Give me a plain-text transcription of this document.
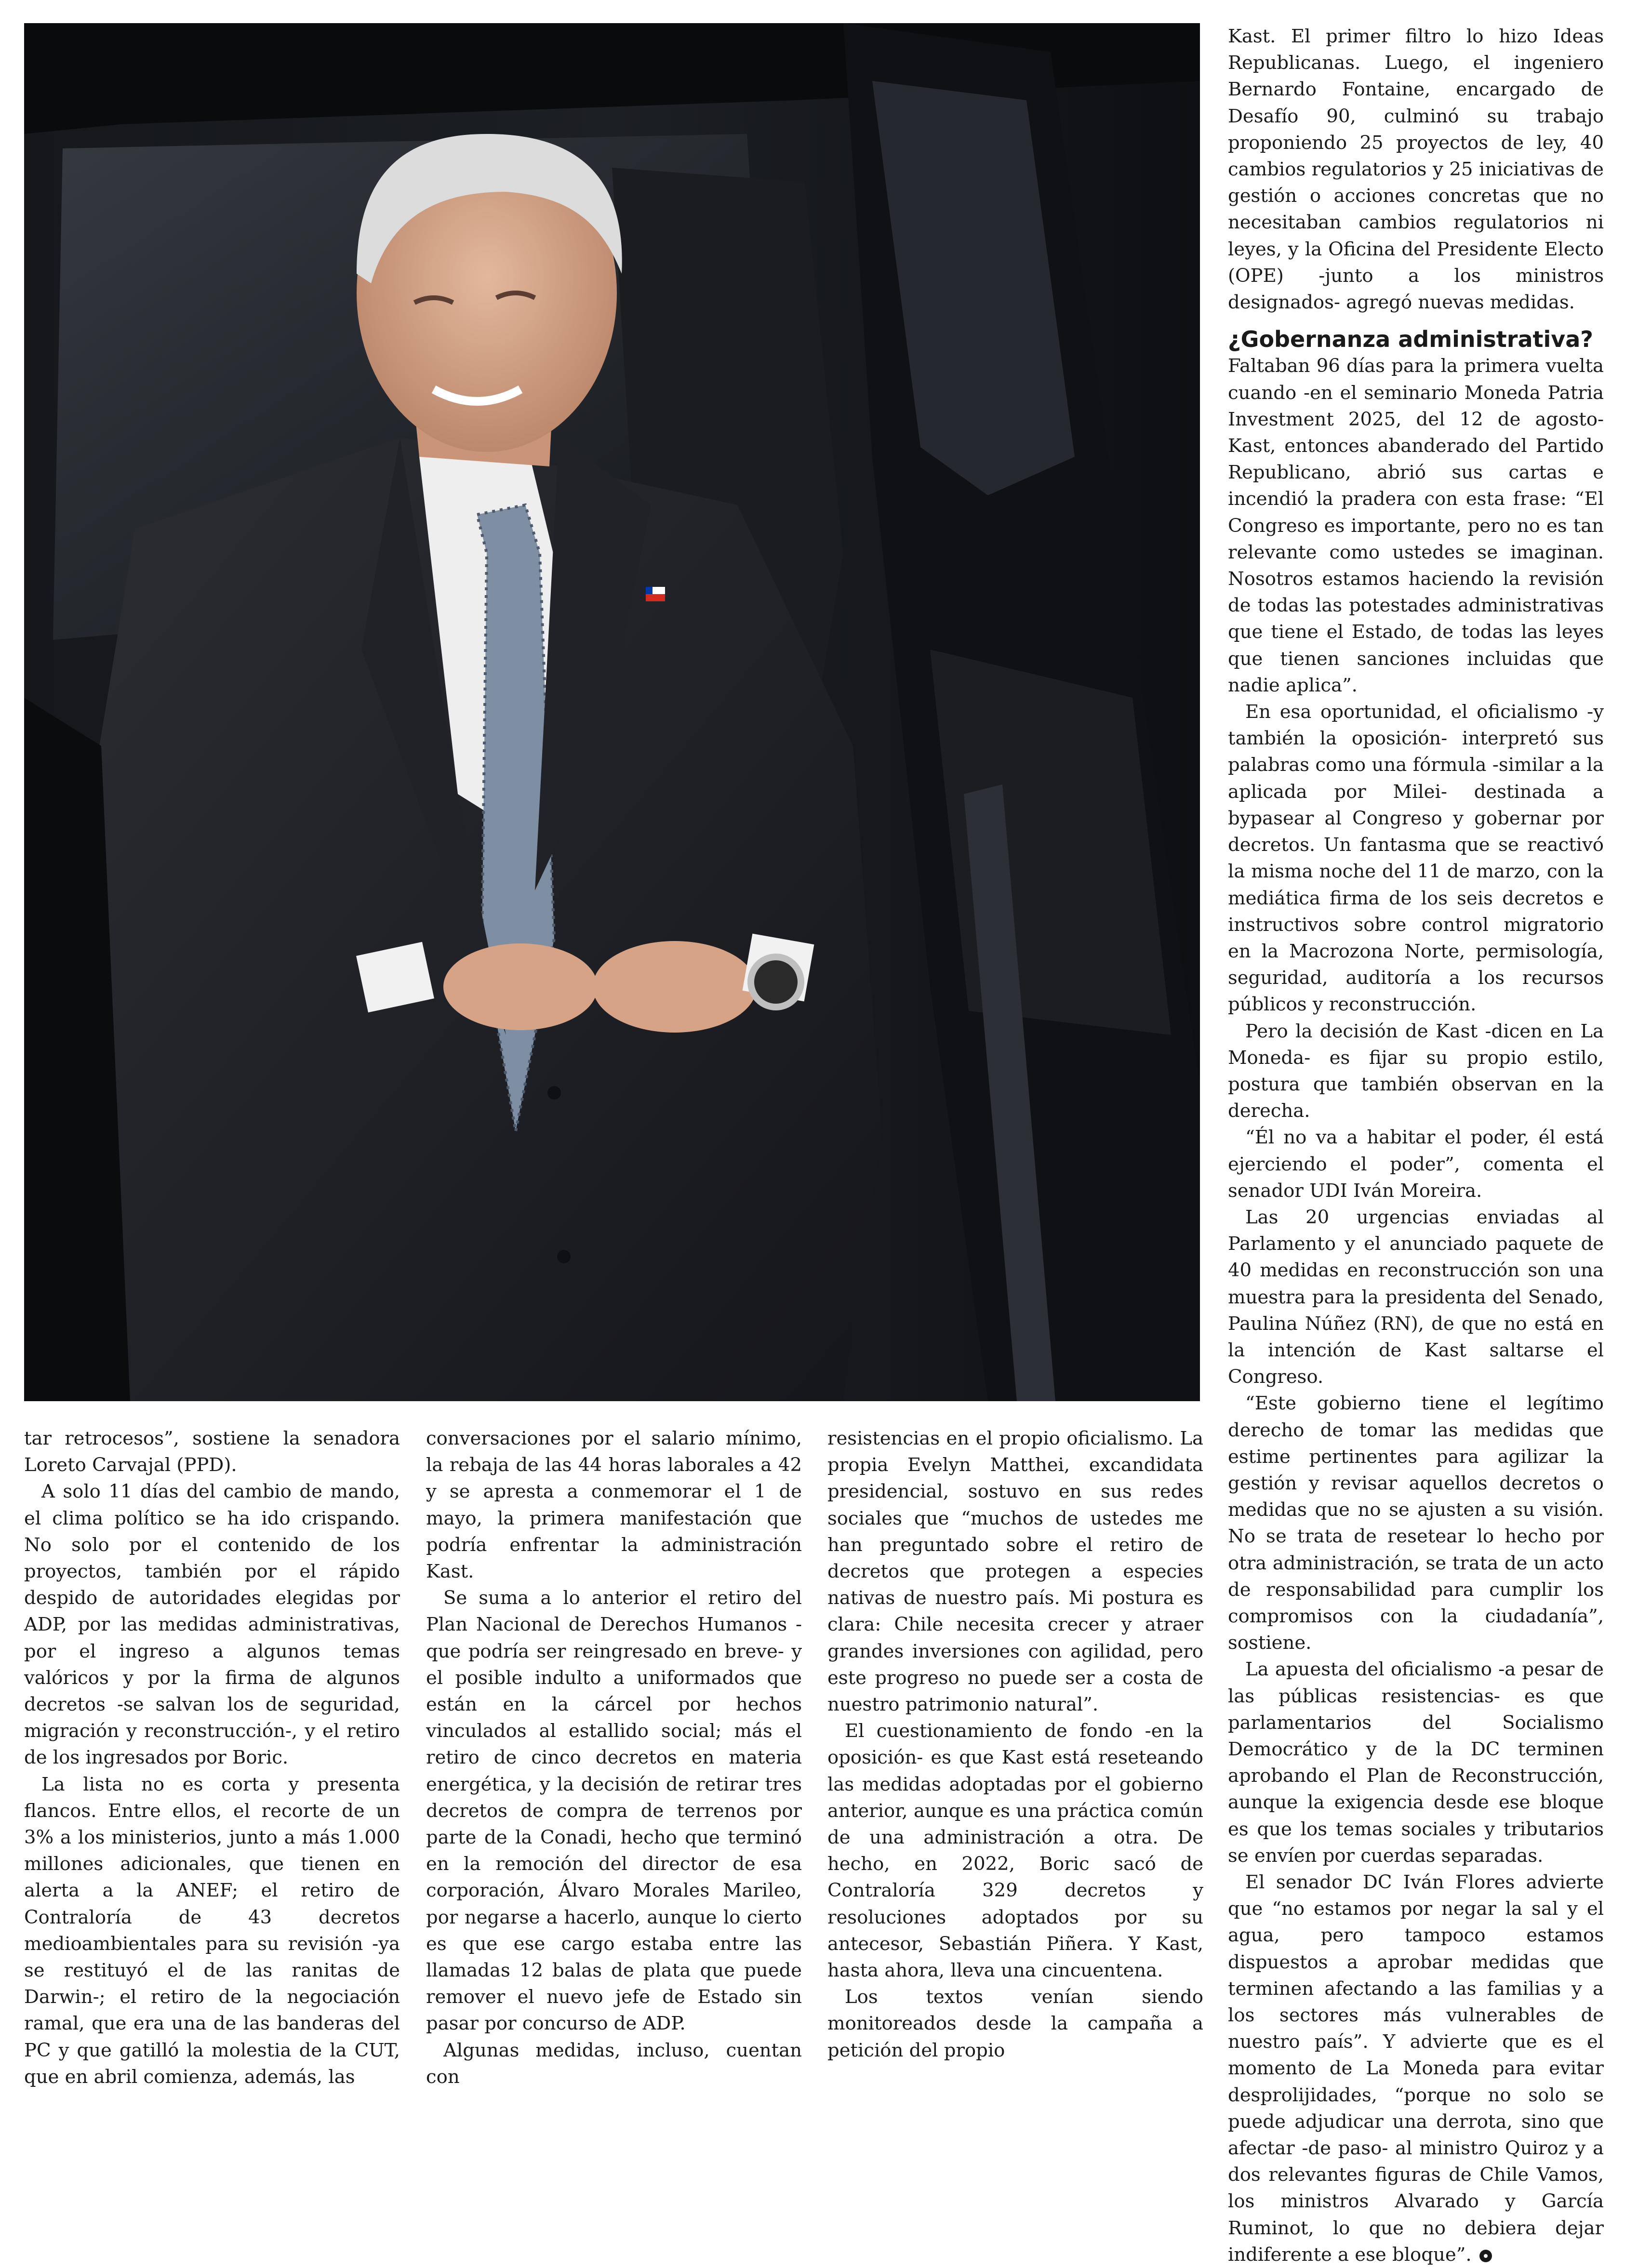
tar retrocesos”, sostiene la senadora Loreto Carvajal (PPD).

A solo 11 días del cambio de mando, el clima político se ha ido crispando. No solo por el contenido de los proyectos, también por el rápido despido de autoridades elegidas por ADP, por las medidas administrativas, por el ingreso a algunos temas valóricos y por la firma de algunos decretos -se salvan los de seguridad, migración y reconstrucción-, y el retiro de los ingresados por Boric.

La lista no es corta y presenta flancos. Entre ellos, el recorte de un 3% a los ministerios, junto a más 1.000 millones adicionales, que tienen en alerta a la ANEF; el retiro de Contraloría de 43 decretos medioambientales para su revisión -ya se restituyó el de las ranitas de Darwin-; el retiro de la negociación ramal, que era una de las banderas del PC y que gatilló la molestia de la CUT, que en abril comienza, además, las

conversaciones por el salario mínimo, la rebaja de las 44 horas laborales a 42 y se apresta a conmemorar el 1 de mayo, la primera manifestación que podría enfrentar la administración Kast.

Se suma a lo anterior el retiro del Plan Nacional de Derechos Humanos -que podría ser reingresado en breve- y el posible indulto a uniformados que están en la cárcel por hechos vinculados al estallido social; más el retiro de cinco decretos en materia energética, y la decisión de retirar tres decretos de compra de terrenos por parte de la Conadi, hecho que terminó en la remoción del director de esa corporación, Álvaro Morales Marileo, por negarse a hacerlo, aunque lo cierto es que ese cargo estaba entre las llamadas 12 balas de plata que puede remover el nuevo jefe de Estado sin pasar por concurso de ADP.

Algunas medidas, incluso, cuentan con

resistencias en el propio oficialismo. La propia Evelyn Matthei, excandidata presidencial, sostuvo en sus redes sociales que “muchos de ustedes me han preguntado sobre el retiro de decretos que protegen a especies nativas de nuestro país. Mi postura es clara: Chile necesita crecer y atraer grandes inversiones con agilidad, pero este progreso no puede ser a costa de nuestro patrimonio natural”.

El cuestionamiento de fondo -en la oposición- es que Kast está reseteando las medidas adoptadas por el gobierno anterior, aunque es una práctica común de una administración a otra. De hecho, en 2022, Boric sacó de Contraloría 329 decretos y resoluciones adoptados por su antecesor, Sebastián Piñera. Y Kast, hasta ahora, lleva una cincuentena.

Los textos venían siendo monitoreados desde la campaña a petición del propio

Kast. El primer filtro lo hizo Ideas Republicanas. Luego, el ingeniero Bernardo Fontaine, encargado de Desafío 90, culminó su trabajo proponiendo 25 proyectos de ley, 40 cambios regulatorios y 25 iniciativas de gestión o acciones concretas que no necesitaban cambios regulatorios ni leyes, y la Oficina del Presidente Electo (OPE) -junto a los ministros designados- agregó nuevas medidas.

¿Gobernanza administrativa?

Faltaban 96 días para la primera vuelta cuando -en el seminario Moneda Patria Investment 2025, del 12 de agosto- Kast, entonces abanderado del Partido Republicano, abrió sus cartas e incendió la pradera con esta frase: “El Congreso es importante, pero no es tan relevante como ustedes se imaginan. Nosotros estamos haciendo la revisión de todas las potestades administrativas que tiene el Estado, de todas las leyes que tienen sanciones incluidas que nadie aplica”.

En esa oportunidad, el oficialismo -y también la oposición- interpretó sus palabras como una fórmula -similar a la aplicada por Milei- destinada a bypasear al Congreso y gobernar por decretos. Un fantasma que se reactivó la misma noche del 11 de marzo, con la mediática firma de los seis decretos e instructivos sobre control migratorio en la Macrozona Norte, permisología, seguridad, auditoría a los recursos públicos y reconstrucción.

Pero la decisión de Kast -dicen en La Moneda- es fijar su propio estilo, postura que también observan en la derecha.

“Él no va a habitar el poder, él está ejerciendo el poder”, comenta el senador UDI Iván Moreira.

Las 20 urgencias enviadas al Parlamento y el anunciado paquete de 40 medidas en reconstrucción son una muestra para la presidenta del Senado, Paulina Núñez (RN), de que no está en la intención de Kast saltarse el Congreso.

“Este gobierno tiene el legítimo derecho de tomar las medidas que estime pertinentes para agilizar la gestión y revisar aquellos decretos o medidas que no se ajusten a su visión. No se trata de resetear lo hecho por otra administración, se trata de un acto de responsabilidad para cumplir los compromisos con la ciudadanía”, sostiene.

La apuesta del oficialismo -a pesar de las públicas resistencias- es que parlamentarios del Socialismo Democrático y de la DC terminen aprobando el Plan de Reconstrucción, aunque la exigencia desde ese bloque es que los temas sociales y tributarios se envíen por cuerdas separadas.

El senador DC Iván Flores advierte que “no estamos por negar la sal y el agua, pero tampoco estamos dispuestos a aprobar medidas que terminen afectando a las familias y a los sectores más vulnerables de nuestro país”. Y advierte que es el momento de La Moneda para evitar desprolijidades, “porque no solo se puede adjudicar una derrota, sino que afectar -de paso- al ministro Quiroz y a dos relevantes figuras de Chile Vamos, los ministros Alvarado y García Ruminot, lo que no debiera dejar indiferente a ese bloque”.
